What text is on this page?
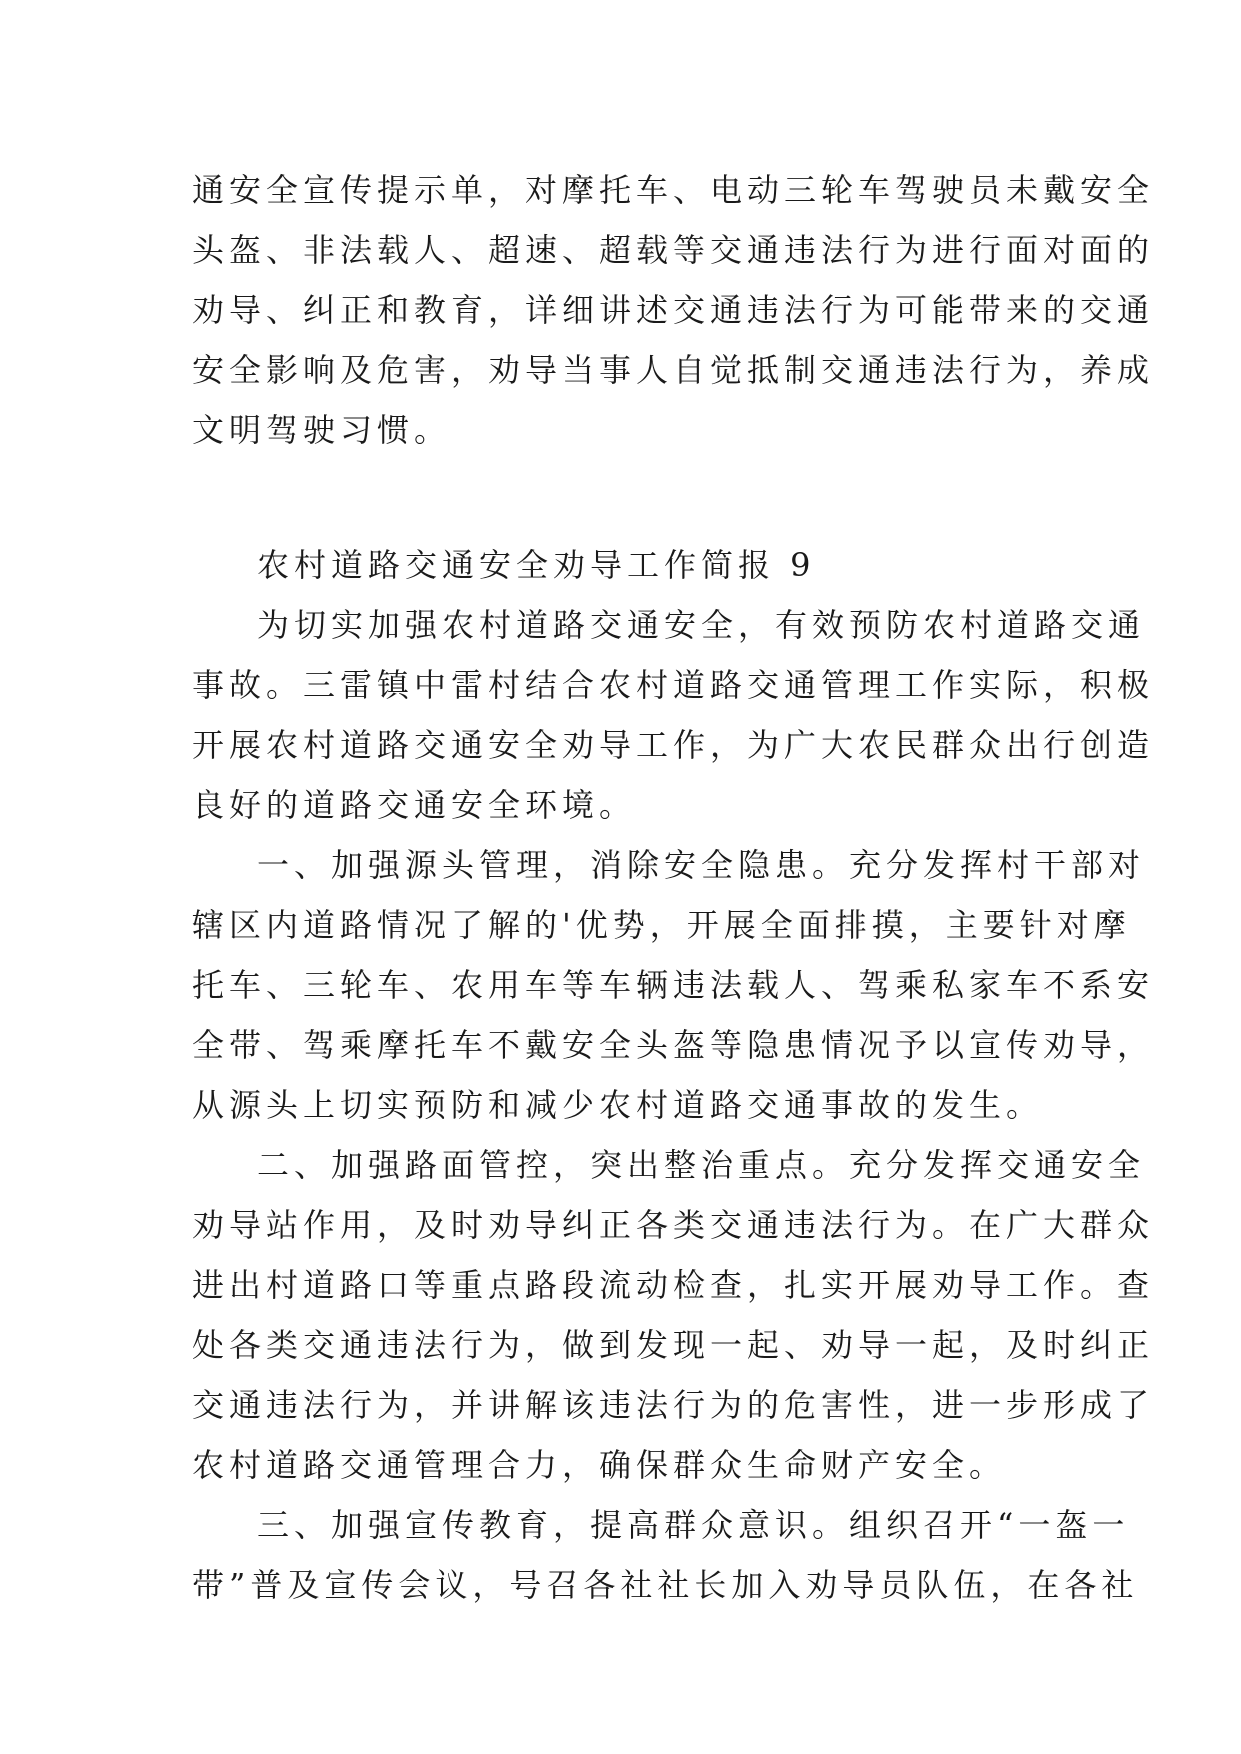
通安全宣传提示单，对摩托车、电动三轮车驾驶员未戴安全
头盔、非法载人、超速、超载等交通违法行为进行面对面的
劝导、纠正和教育，详细讲述交通违法行为可能带来的交通
安全影响及危害，劝导当事人自觉抵制交通违法行为，养成
文明驾驶习惯。
农村道路交通安全劝导工作简报 9
为切实加强农村道路交通安全，有效预防农村道路交通
事故。三雷镇中雷村结合农村道路交通管理工作实际，积极
开展农村道路交通安全劝导工作，为广大农民群众出行创造
良好的道路交通安全环境。
一、加强源头管理，消除安全隐患。充分发挥村干部对
辖区内道路情况了解的'优势，开展全面排摸，主要针对摩
托车、三轮车、农用车等车辆违法载人、驾乘私家车不系安
全带、驾乘摩托车不戴安全头盔等隐患情况予以宣传劝导，
从源头上切实预防和减少农村道路交通事故的发生。
二、加强路面管控，突出整治重点。充分发挥交通安全
劝导站作用，及时劝导纠正各类交通违法行为。在广大群众
进出村道路口等重点路段流动检查，扎实开展劝导工作。查
处各类交通违法行为，做到发现一起、劝导一起，及时纠正
交通违法行为，并讲解该违法行为的危害性，进一步形成了
农村道路交通管理合力，确保群众生命财产安全。
三、加强宣传教育，提高群众意识。组织召开“一盔一
带”普及宣传会议，号召各社社长加入劝导员队伍，在各社
